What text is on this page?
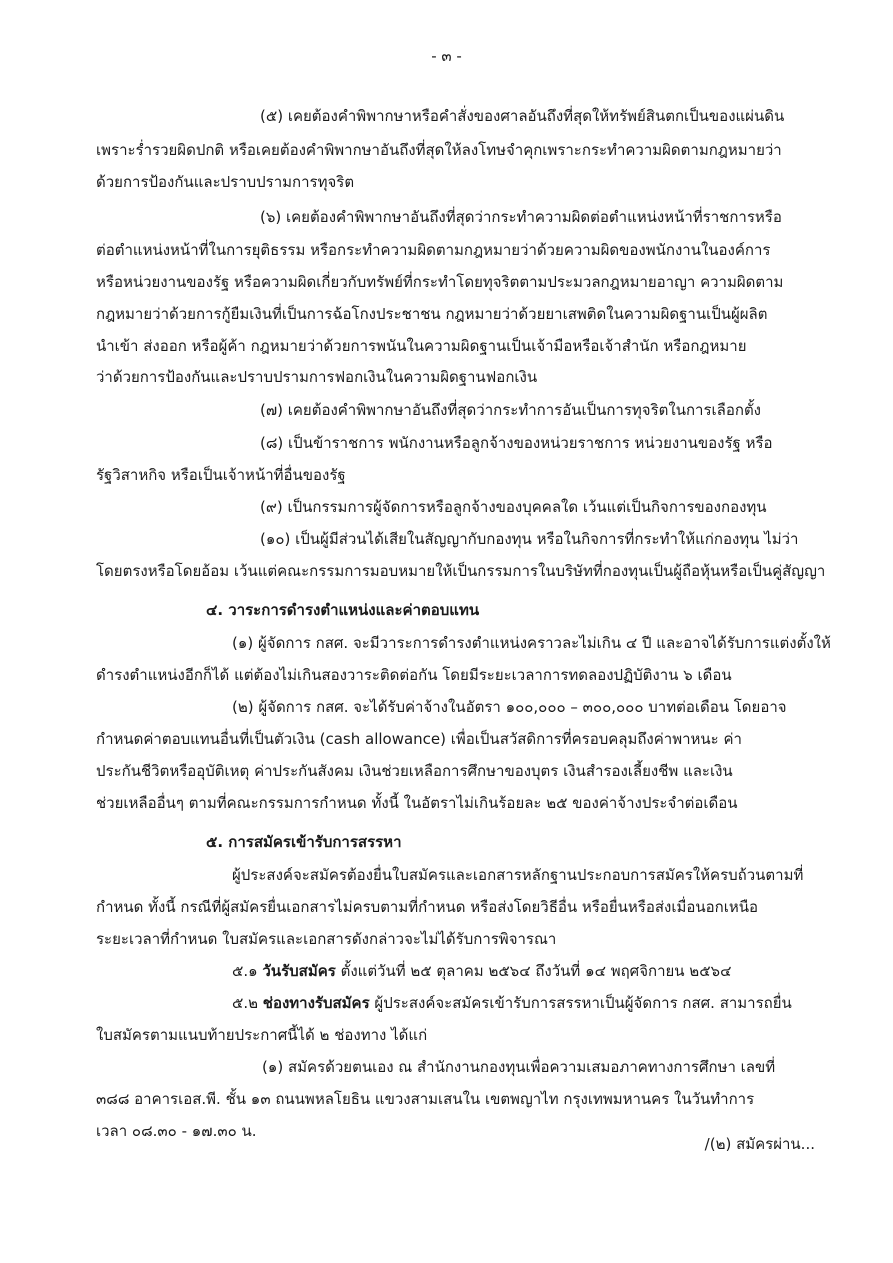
- ๓ -
(๕) เคยต้องคำพิพากษาหรือคำสั่งของศาลอันถึงที่สุดให้ทรัพย์สินตกเป็นของแผ่นดิน
เพราะร่ำรวยผิดปกติ หรือเคยต้องคำพิพากษาอันถึงที่สุดให้ลงโทษจำคุกเพราะกระทำความผิดตามกฎหมายว่า
ด้วยการป้องกันและปราบปรามการทุจริต
(๖) เคยต้องคำพิพากษาอันถึงที่สุดว่ากระทำความผิดต่อตำแหน่งหน้าที่ราชการหรือ
ต่อตำแหน่งหน้าที่ในการยุติธรรม หรือกระทำความผิดตามกฎหมายว่าด้วยความผิดของพนักงานในองค์การ
หรือหน่วยงานของรัฐ หรือความผิดเกี่ยวกับทรัพย์ที่กระทำโดยทุจริตตามประมวลกฎหมายอาญา ความผิดตาม
กฎหมายว่าด้วยการกู้ยืมเงินที่เป็นการฉ้อโกงประชาชน กฎหมายว่าด้วยยาเสพติดในความผิดฐานเป็นผู้ผลิต
นำเข้า ส่งออก หรือผู้ค้า กฎหมายว่าด้วยการพนันในความผิดฐานเป็นเจ้ามือหรือเจ้าสำนัก หรือกฎหมาย
ว่าด้วยการป้องกันและปราบปรามการฟอกเงินในความผิดฐานฟอกเงิน
(๗) เคยต้องคำพิพากษาอันถึงที่สุดว่ากระทำการอันเป็นการทุจริตในการเลือกตั้ง
(๘) เป็นข้าราชการ พนักงานหรือลูกจ้างของหน่วยราชการ หน่วยงานของรัฐ หรือ
รัฐวิสาหกิจ หรือเป็นเจ้าหน้าที่อื่นของรัฐ
(๙) เป็นกรรมการผู้จัดการหรือลูกจ้างของบุคคลใด เว้นแต่เป็นกิจการของกองทุน
(๑๐) เป็นผู้มีส่วนได้เสียในสัญญากับกองทุน หรือในกิจการที่กระทำให้แก่กองทุน ไม่ว่า
โดยตรงหรือโดยอ้อม เว้นแต่คณะกรรมการมอบหมายให้เป็นกรรมการในบริษัทที่กองทุนเป็นผู้ถือหุ้นหรือเป็นคู่สัญญา
๔. วาระการดำรงตำแหน่งและค่าตอบแทน
(๑) ผู้จัดการ กสศ. จะมีวาระการดำรงตำแหน่งคราวละไม่เกิน ๔ ปี และอาจได้รับการแต่งตั้งให้
ดำรงตำแหน่งอีกก็ได้ แต่ต้องไม่เกินสองวาระติดต่อกัน โดยมีระยะเวลาการทดลองปฏิบัติงาน ๖ เดือน
(๒) ผู้จัดการ กสศ. จะได้รับค่าจ้างในอัตรา ๑๐๐,๐๐๐ – ๓๐๐,๐๐๐ บาทต่อเดือน โดยอาจ
กำหนดค่าตอบแทนอื่นที่เป็นตัวเงิน (cash allowance) เพื่อเป็นสวัสดิการที่ครอบคลุมถึงค่าพาหนะ ค่า
ประกันชีวิตหรืออุบัติเหตุ ค่าประกันสังคม เงินช่วยเหลือการศึกษาของบุตร เงินสำรองเลี้ยงชีพ และเงิน
ช่วยเหลืออื่นๆ ตามที่คณะกรรมการกำหนด ทั้งนี้ ในอัตราไม่เกินร้อยละ ๒๕ ของค่าจ้างประจำต่อเดือน
๕. การสมัครเข้ารับการสรรหา
ผู้ประสงค์จะสมัครต้องยื่นใบสมัครและเอกสารหลักฐานประกอบการสมัครให้ครบถ้วนตามที่
กำหนด ทั้งนี้ กรณีที่ผู้สมัครยื่นเอกสารไม่ครบตามที่กำหนด หรือส่งโดยวิธีอื่น หรือยื่นหรือส่งเมื่อนอกเหนือ
ระยะเวลาที่กำหนด ใบสมัครและเอกสารดังกล่าวจะไม่ได้รับการพิจารณา
๕.๑ วันรับสมัคร ตั้งแต่วันที่ ๒๕ ตุลาคม ๒๕๖๔ ถึงวันที่ ๑๔ พฤศจิกายน ๒๕๖๔
๕.๒ ช่องทางรับสมัคร ผู้ประสงค์จะสมัครเข้ารับการสรรหาเป็นผู้จัดการ กสศ. สามารถยื่น
ใบสมัครตามแนบท้ายประกาศนี้ได้ ๒ ช่องทาง ได้แก่
(๑) สมัครด้วยตนเอง ณ สำนักงานกองทุนเพื่อความเสมอภาคทางการศึกษา เลขที่
๓๘๘ อาคารเอส.พี. ชั้น ๑๓ ถนนพหลโยธิน แขวงสามเสนใน เขตพญาไท กรุงเทพมหานคร ในวันทำการ
เวลา ๐๘.๓๐ - ๑๗.๓๐ น.
/(๒) สมัครผ่าน...
